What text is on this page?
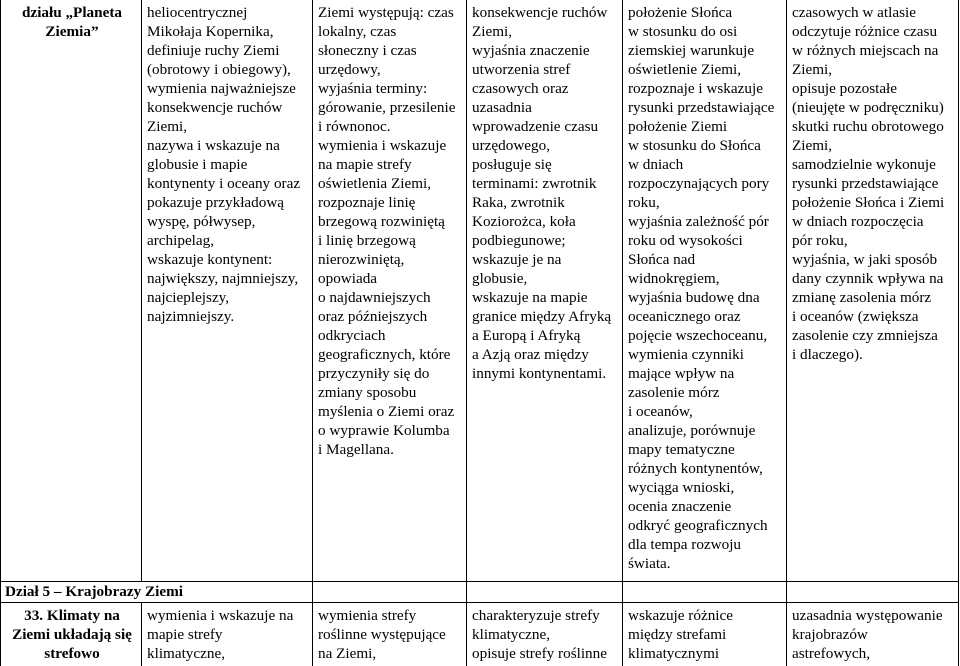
działu „Planeta
Ziemia”
heliocentrycznej
Mikołaja Kopernika,
definiuje ruchy Ziemi
(obrotowy i obiegowy),
wymienia najważniejsze
konsekwencje ruchów
Ziemi,
nazywa i wskazuje na
globusie i mapie
kontynenty i oceany oraz
pokazuje przykładową
wyspę, półwysep,
archipelag,
wskazuje kontynent:
największy, najmniejszy,
najcieplejszy,
najzimniejszy.
Ziemi występują: czas
lokalny, czas
słoneczny i czas
urzędowy,
wyjaśnia terminy:
górowanie, przesilenie
i równonoc.
wymienia i wskazuje
na mapie strefy
oświetlenia Ziemi,
rozpoznaje linię
brzegową rozwiniętą
i linię brzegową
nierozwiniętą,
opowiada
o najdawniejszych
oraz późniejszych
odkryciach
geograficznych, które
przyczyniły się do
zmiany sposobu
myślenia o Ziemi oraz
o wyprawie Kolumba
i Magellana.
konsekwencje ruchów
Ziemi,
wyjaśnia znaczenie
utworzenia stref
czasowych oraz
uzasadnia
wprowadzenie czasu
urzędowego,
posługuje się
terminami: zwrotnik
Raka, zwrotnik
Koziorożca, koła
podbiegunowe;
wskazuje je na
globusie,
wskazuje na mapie
granice między Afryką
a Europą i Afryką
a Azją oraz między
innymi kontynentami.
położenie Słońca
w stosunku do osi
ziemskiej warunkuje
oświetlenie Ziemi,
rozpoznaje i wskazuje
rysunki przedstawiające
położenie Ziemi
w stosunku do Słońca
w dniach
rozpoczynających pory
roku,
wyjaśnia zależność pór
roku od wysokości
Słońca nad
widnokręgiem,
wyjaśnia budowę dna
oceanicznego oraz
pojęcie wszechoceanu,
wymienia czynniki
mające wpływ na
zasolenie mórz
i oceanów,
analizuje, porównuje
mapy tematyczne
różnych kontynentów,
wyciąga wnioski,
ocenia znaczenie
odkryć geograficznych
dla tempa rozwoju
świata.
czasowych w atlasie
odczytuje różnice czasu
w różnych miejscach na
Ziemi,
opisuje pozostałe
(nieujęte w podręczniku)
skutki ruchu obrotowego
Ziemi,
samodzielnie wykonuje
rysunki przedstawiające
położenie Słońca i Ziemi
w dniach rozpoczęcia
pór roku,
wyjaśnia, w jaki sposób
dany czynnik wpływa na
zmianę zasolenia mórz
i oceanów (zwiększa
zasolenie czy zmniejsza
i dlaczego).
Dział 5 – Krajobrazy Ziemi
33. Klimaty na
Ziemi układają się
strefowo
wymienia i wskazuje na
mapie strefy
klimatyczne,
wymienia strefy
roślinne występujące
na Ziemi,
charakteryzuje strefy
klimatyczne,
opisuje strefy roślinne
wskazuje różnice
między strefami
klimatycznymi
uzasadnia występowanie
krajobrazów
astrefowych,
